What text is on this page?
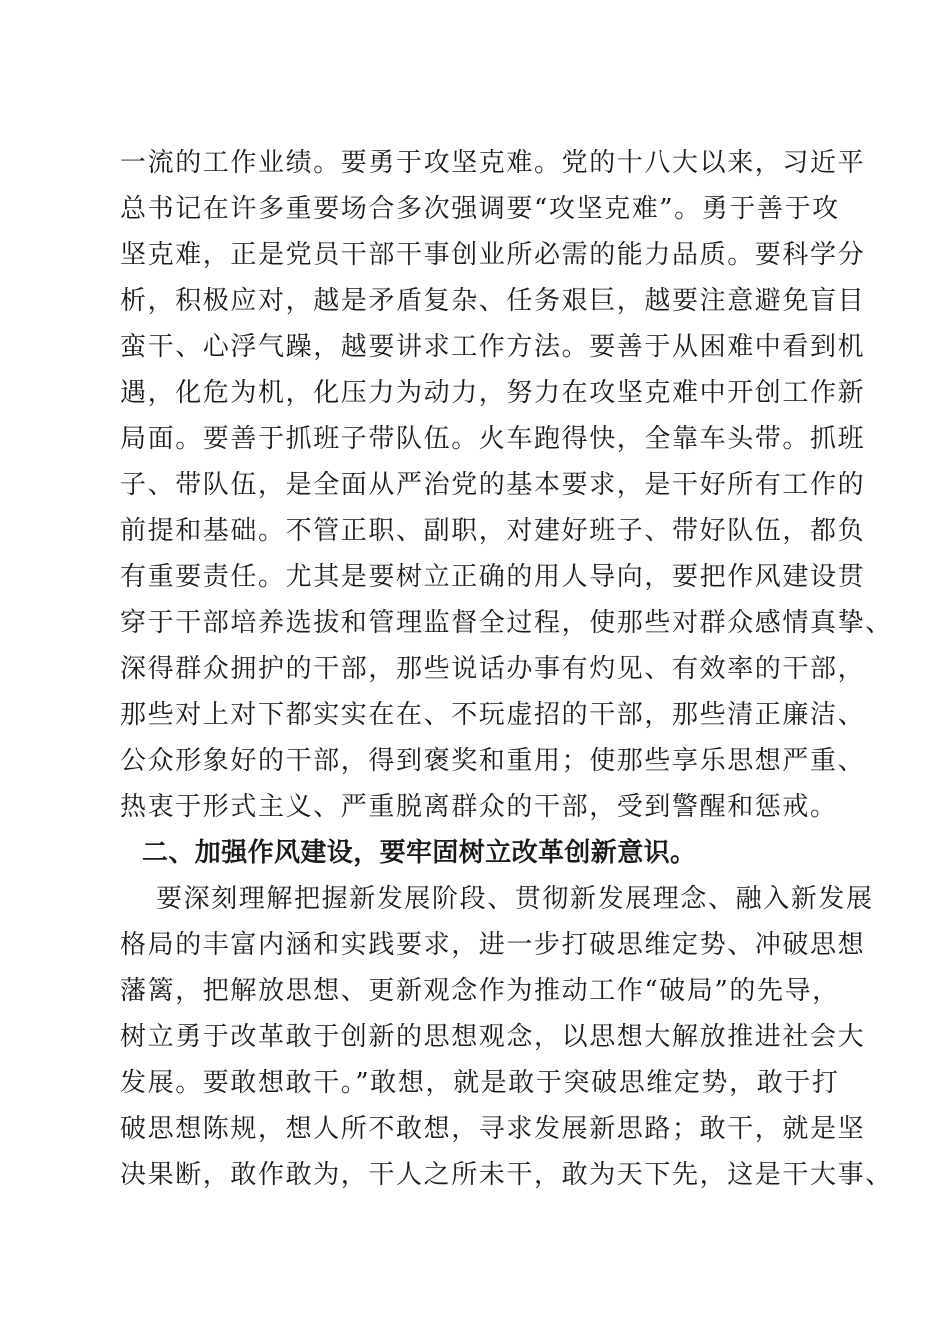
一流的工作业绩。要勇于攻坚克难。党的十八大以来，习近平
总书记在许多重要场合多次强调要“攻坚克难”。勇于善于攻
坚克难，正是党员干部干事创业所必需的能力品质。要科学分
析，积极应对，越是矛盾复杂、任务艰巨，越要注意避免盲目
蛮干、心浮气躁，越要讲求工作方法。要善于从困难中看到机
遇，化危为机，化压力为动力，努力在攻坚克难中开创工作新
局面。要善于抓班子带队伍。火车跑得快，全靠车头带。抓班
子、带队伍，是全面从严治党的基本要求，是干好所有工作的
前提和基础。不管正职、副职，对建好班子、带好队伍，都负
有重要责任。尤其是要树立正确的用人导向，要把作风建设贯
穿于干部培养选拔和管理监督全过程，使那些对群众感情真挚、
深得群众拥护的干部，那些说话办事有灼见、有效率的干部，
那些对上对下都实实在在、不玩虚招的干部，那些清正廉洁、
公众形象好的干部，得到褒奖和重用；使那些享乐思想严重、
热衷于形式主义、严重脱离群众的干部，受到警醒和惩戒。
二、加强作风建设，要牢固树立改革创新意识。
要深刻理解把握新发展阶段、贯彻新发展理念、融入新发展
格局的丰富内涵和实践要求，进一步打破思维定势、冲破思想
藩篱，把解放思想、更新观念作为推动工作“破局”的先导，
树立勇于改革敢于创新的思想观念，以思想大解放推进社会大
发展。要敢想敢干。”敢想，就是敢于突破思维定势，敢于打
破思想陈规，想人所不敢想，寻求发展新思路；敢干，就是坚
决果断，敢作敢为，干人之所未干，敢为天下先，这是干大事、
